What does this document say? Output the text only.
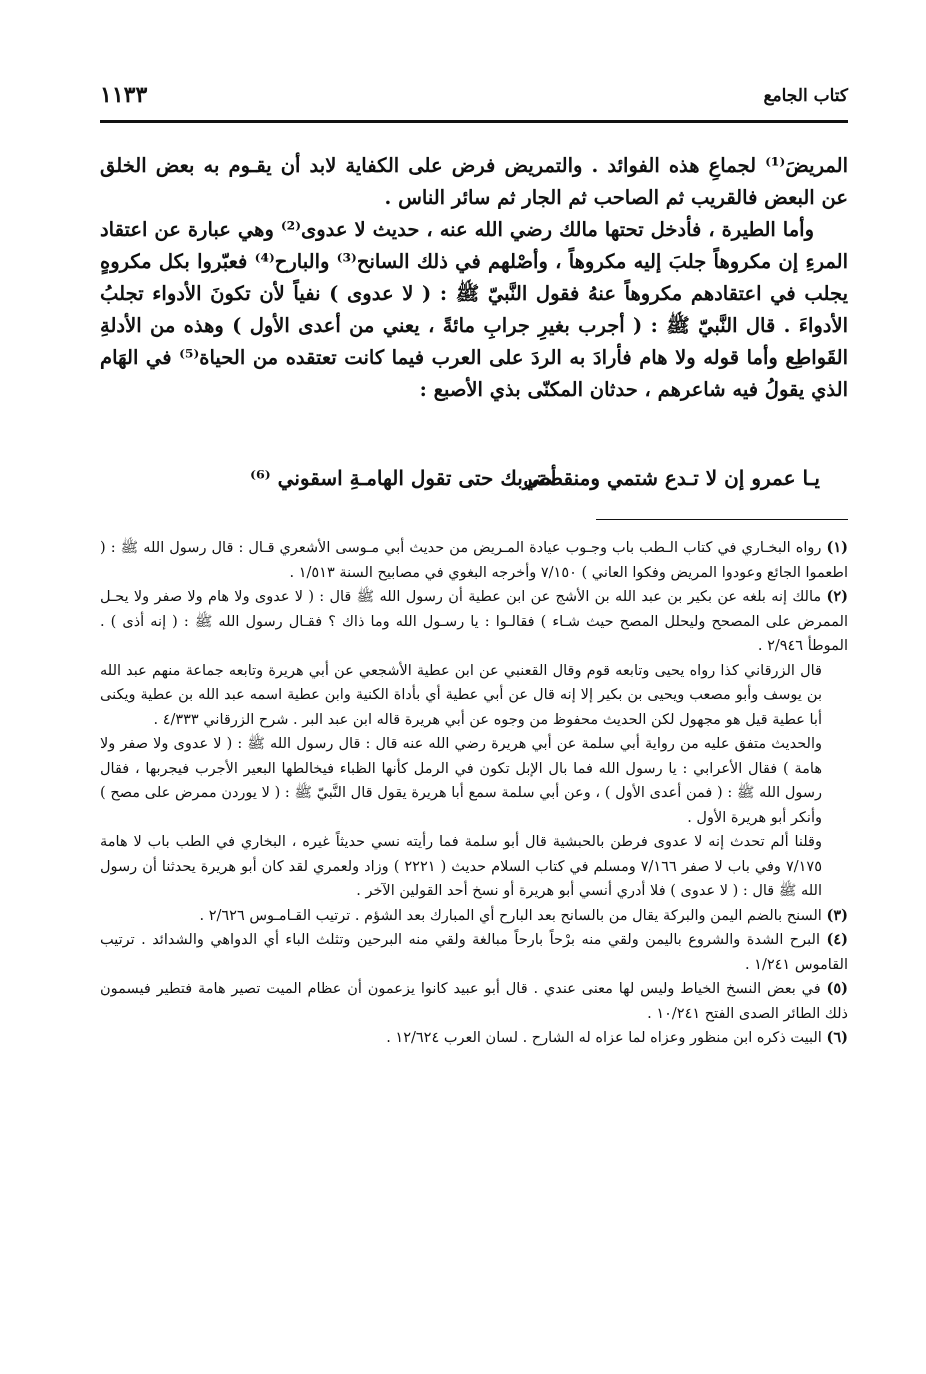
كتاب الجامع
١١٣٣

المريضَ⁽¹⁾ لجماعِ هذه الفوائد . والتمريض فرض على الكفاية لابد أن يقـوم به بعض الخلق عن البعض فالقريب ثم الصاحب ثم الجار ثم سائر الناس .

وأما الطيرة ، فأدخل تحتها مالك رضي الله عنه ، حديث لا عدوى⁽²⁾ وهي عبارة عن اعتقاد المرءِ إن مكروهاً جلبَ إليه مكروهاً ، وأصْلهم في ذلك السانح⁽³⁾ والبارح⁽⁴⁾ فعبّروا بكل مكروهٍ يجلب في اعتقادهم مكروهاً عنهُ فقول النَّبيّ ﷺ : ( لا عدوى ) نفياً لأن تكونَ الأدواء تجلبُ الأدواءَ . قال النَّبيّ ﷺ : ( أجرب بغيرِ جرابِ مائةً ، يعني من أعدى الأول ) وهذه من الأدلةِ القَواطِع وأما قوله ولا هام فأرادَ به الردَ على العرب فيما كانت تعتقده من الحياة⁽⁵⁾ في الهَام الذي يقولُ فيه شاعرهم ، حدثان المكنّى بذي الأصبع :

يـا عمرو إن لا تـدع شتمي ومنقصتي
أضربك حتى تقول الهامـةِ اسقوني ⁽⁶⁾
(١) رواه البخـاري في كتاب الـطب باب وجـوب عيادة المـريض من حديث أبي مـوسى الأشعري قـال : قال رسول الله ﷺ : ( اطعموا الجائع وعودوا المريض وفكوا العاني ) ٧/١٥٠ وأخرجه البغوي في مصابيح السنة ١/٥١٣ .
(٢) مالك إنه بلغه عن بكير بن عبد الله بن الأشج عن ابن عطية أن رسول الله ﷺ قال : ( لا عدوى ولا هام ولا صفر ولا يحـل الممرض على المصحح وليحلل المصح حيث شـاء ) فقالـوا : يا رسـول الله وما ذاك ؟ فقـال رسول الله ﷺ : ( إنه أذى ) . الموطأ ٢/٩٤٦ .
قال الزرقاني كذا رواه يحيى وتابعه قوم وقال القعنبي عن ابن عطية الأشجعي عن أبي هريرة وتابعه جماعة منهم عبد الله بن يوسف وأبو مصعب ويحيى بن بكير إلا إنه قال عن أبي عطية أي بأداة الكنية وابن عطية اسمه عبد الله بن عطية ويكنى أبا عطية قيل هو مجهول لكن الحديث محفوظ من وجوه عن أبي هريرة قاله ابن عبد البر . شرح الزرقاني ٤/٣٣٣ .
والحديث متفق عليه من رواية أبي سلمة عن أبي هريرة رضي الله عنه قال : قال رسول الله ﷺ : ( لا عدوى ولا صفر ولا هامة ) فقال الأعرابي : يا رسول الله فما بال الإبل تكون في الرمل كأنها الظباء فيخالطها البعير الأجرب فيجربها ، فقال رسول الله ﷺ : ( فمن أعدى الأول ) ، وعن أبي سلمة سمع أبا هريرة يقول قال النَّبيّ ﷺ : ( لا يوردن ممرض على مصح ) وأنكر أبو هريرة الأول .
وقلنا ألم تحدث إنه لا عدوى فرطن بالحبشية قال أبو سلمة فما رأيته نسي حديثاً غيره ، البخاري في الطب باب لا هامة ٧/١٧٥ وفي باب لا صفر ٧/١٦٦ ومسلم في كتاب السلام حديث ( ٢٢٢١ ) وزاد ولعمري لقد كان أبو هريرة يحدثنا أن رسول الله ﷺ قال : ( لا عدوى ) فلا أدري أنسي أبو هريرة أو نسخ أحد القولين الآخر .
(٣) السنح بالضم اليمن والبركة يقال من بالسانح بعد البارح أي المبارك بعد الشؤم . ترتيب القـامـوس ٢/٦٢٦ .
(٤) البرح الشدة والشروع باليمن ولقي منه برْحاً بارحاً مبالغة ولقي منه البرحين وتثلث الباء أي الدواهي والشدائد . ترتيب القاموس ١/٢٤١ .
(٥) في بعض النسخ الخياط وليس لها معنى عندي . قال أبو عبيد كانوا يزعمون أن عظام الميت تصير هامة فتطير فيسمون ذلك الطائر الصدى الفتح ١٠/٢٤١ .
(٦) البيت ذكره ابن منظور وعزاه لما عزاه له الشارح . لسان العرب ١٢/٦٢٤ .
